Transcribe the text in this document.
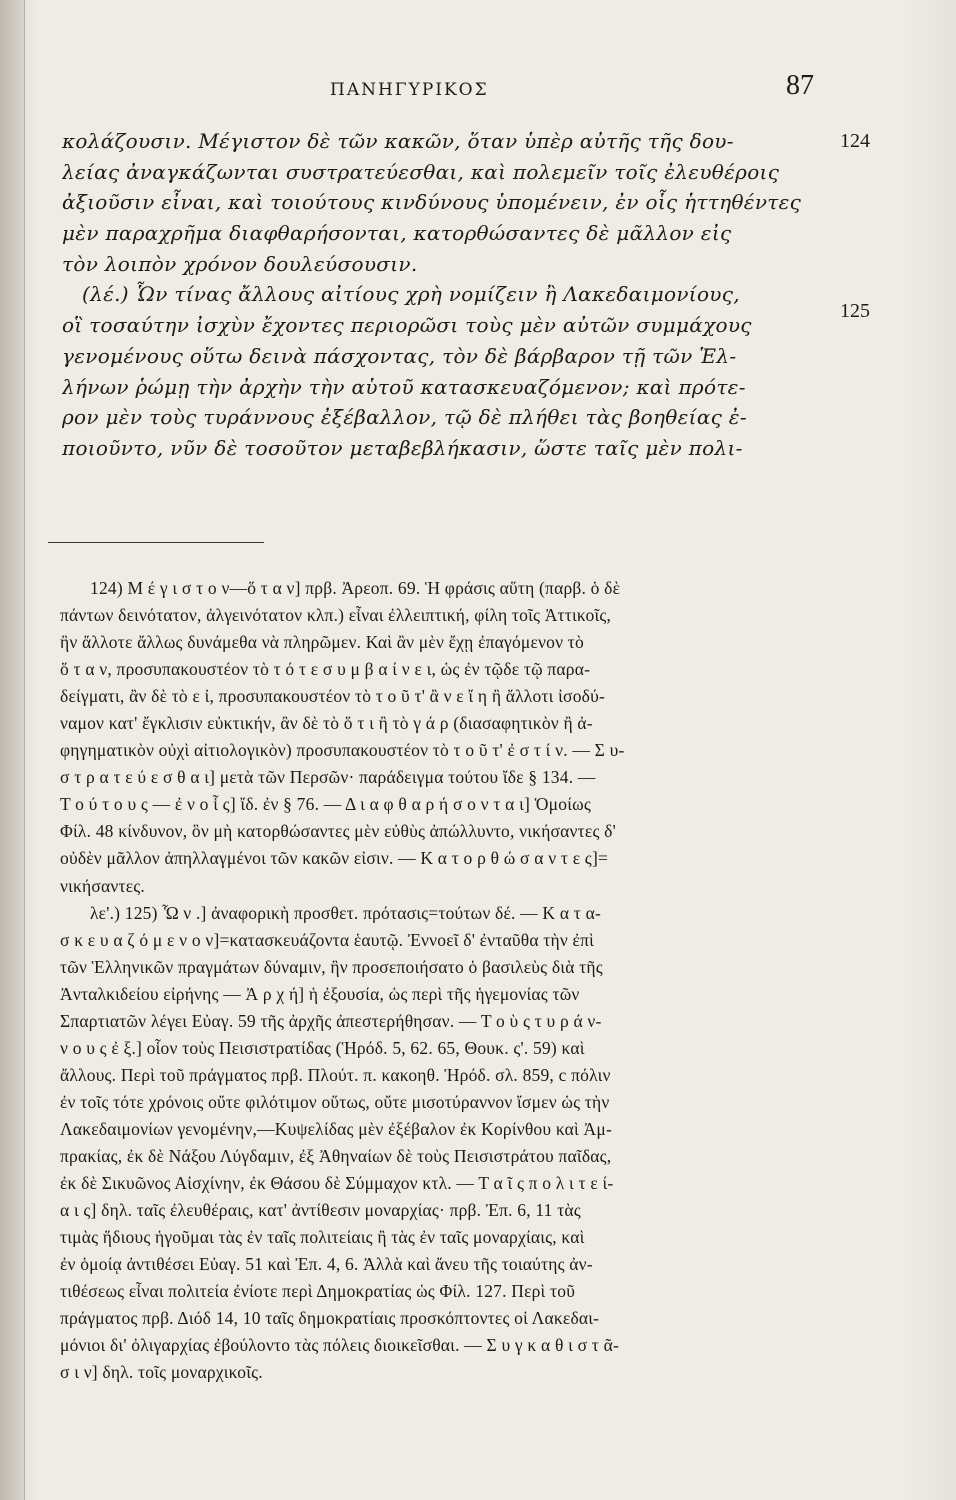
ΠΑΝΗΓΥΡΙΚΟΣ	87
κολάζουσιν. Μέγιστον δὲ τῶν κακῶν, ὅταν ὑπὲρ αὐτῆς τῆς δου-
λείας ἀναγκάζωνται συστρατεύεσθαι, καὶ πολεμεῖν τοῖς ἐλευθέροις
ἀξιοῦσιν εἶναι, καὶ τοιούτους κινδύνους ὑπομένειν, ἐν οἷς ἡττηθέντες
μὲν παραχρῆμα διαφθαρήσονται, κατορθώσαντες δὲ μᾶλλον εἰς
τὸν λοιπὸν χρόνον δουλεύσουσιν.
(λέ.) Ὧν τίνας ἄλλους αἰτίους χρὴ νομίζειν ἢ Λακεδαιμονίους,
οἳ τοσαύτην ἰσχὺν ἔχοντες περιορῶσι τοὺς μὲν αὐτῶν συμμάχους
γενομένους οὕτω δεινὰ πάσχοντας, τὸν δὲ βάρβαρον τῇ τῶν Ἑλ-
λήνων ῥώμῃ τὴν ἀρχὴν τὴν αὑτοῦ κατασκευαζόμενον; καὶ πρότε-
ρον μὲν τοὺς τυράννους ἐξέβαλλον, τῷ δὲ πλήθει τὰς βοηθείας ἐ-
ποιοῦντο, νῦν δὲ τοσοῦτον μεταβεβλήκασιν, ὥστε ταῖς μὲν πολι-
124
125
124) Μ έ γ ι σ τ ο ν—ὅ τ α ν] πρβ. Ἀρεοπ. 69. Ἡ φράσις αὕτη (παρβ. ὁ δὲ
πάντων δεινότατον, ἀλγεινότατον κλπ.) εἶναι ἐλλειπτική, φίλη τοῖς Ἀττικοῖς,
ἣν ἄλλοτε ἄλλως δυνάμεθα νὰ πληρῶμεν. Καὶ ἂν μὲν ἔχῃ ἐπαγόμενον τὸ
ὅ τ α ν, προσυπακουστέον τὸ τ ό τ ε σ υ μ β α ί ν ε ι, ὡς ἐν τῷδε τῷ παρα-
δείγματι, ἂν δὲ τὸ ε ἰ, προσυπακουστέον τὸ τ ο ῦ τ' ἂ ν ε ἴ η ἢ ἄλλοτι ἰσοδύ-
ναμον κατ' ἔγκλισιν εὐκτικήν, ἂν δὲ τὸ ὅ τ ι ἢ τὸ γ ά ρ (διασαφητικὸν ἢ ἀ-
φηγηματικὸν οὐχὶ αἰτιολογικὸν) προσυπακουστέον τὸ τ ο ῦ τ' ἐ σ τ ί ν. — Σ υ-
σ τ ρ α τ ε ύ ε σ θ α ι] μετὰ τῶν Περσῶν· παράδειγμα τούτου ἴδε § 134. —
Τ ο ύ τ ο υ ς — ἐ ν ο ἷ ς] ἴδ. ἐν § 76. — Δ ι α φ θ α ρ ή σ ο ν τ α ι] Ὁμοίως
Φίλ. 48 κίνδυνον, ὃν μὴ κατορθώσαντες μὲν εὐθὺς ἀπώλλυντο, νικήσαντες δ'
οὐδὲν μᾶλλον ἀπηλλαγμένοι τῶν κακῶν εἰσιν. — Κ α τ ο ρ θ ώ σ α ν τ ε ς]=
νικήσαντες.
λε'.) 125) Ὧ ν .] ἀναφορικὴ προσθετ. πρότασις=τούτων δέ. — Κ α τ α-
σ κ ε υ α ζ ό μ ε ν ο ν]=κατασκευάζοντα ἑαυτῷ. Ἐννοεῖ δ' ἐνταῦθα τὴν ἐπὶ
τῶν Ἑλληνικῶν πραγμάτων δύναμιν, ἣν προσεποιήσατο ὁ βασιλεὺς διὰ τῆς
Ἀνταλκιδείου εἰρήνης — Ἀ ρ χ ή] ἡ ἐξουσία, ὡς περὶ τῆς ἡγεμονίας τῶν
Σπαρτιατῶν λέγει Εὐαγ. 59 τῆς ἀρχῆς ἀπεστερήθησαν. — Τ ο ὺ ς τ υ ρ ά ν-
ν ο υ ς ἐ ξ.] οἷον τοὺς Πεισιστρατίδας (Ἡρόδ. 5, 62. 65, Θουκ. ς'. 59) καὶ
ἄλλους. Περὶ τοῦ πράγματος πρβ. Πλούτ. π. κακοηθ. Ἡρόδ. σλ. 859, c πόλιν
ἐν τοῖς τότε χρόνοις οὔτε φιλότιμον οὕτως, οὔτε μισοτύραννον ἴσμεν ὡς τὴν
Λακεδαιμονίων γενομένην,—Κυψελίδας μὲν ἐξέβαλον ἐκ Κορίνθου καὶ Ἀμ-
πρακίας, ἐκ δὲ Νάξου Λύγδαμιν, ἐξ Ἀθηναίων δὲ τοὺς Πεισιστράτου παῖδας,
ἐκ δὲ Σικυῶνος Αἰσχίνην, ἐκ Θάσου δὲ Σύμμαχον κτλ. — Τ α ῖ ς π ο λ ι τ ε ί-
α ι ς] δηλ. ταῖς ἐλευθέραις, κατ' ἀντίθεσιν μοναρχίας· πρβ. Ἐπ. 6, 11 τὰς
τιμὰς ἥδιους ἡγοῦμαι τὰς ἐν ταῖς πολιτείαις ἢ τὰς ἐν ταῖς μοναρχίαις, καὶ
ἐν ὁμοίᾳ ἀντιθέσει Εὐαγ. 51 καὶ Ἐπ. 4, 6. Ἀλλὰ καὶ ἄνευ τῆς τοιαύτης ἀν-
τιθέσεως εἶναι πολιτεία ἐνίοτε περὶ Δημοκρατίας ὡς Φίλ. 127. Περὶ τοῦ
πράγματος πρβ. Διόδ 14, 10 ταῖς δημοκρατίαις προσκόπτοντες οἱ Λακεδαι-
μόνιοι δι' ὀλιγαρχίας ἐβούλοντο τὰς πόλεις διοικεῖσθαι. — Σ υ γ κ α θ ι σ τ ᾶ-
σ ι ν] δηλ. τοῖς μοναρχικοῖς.
